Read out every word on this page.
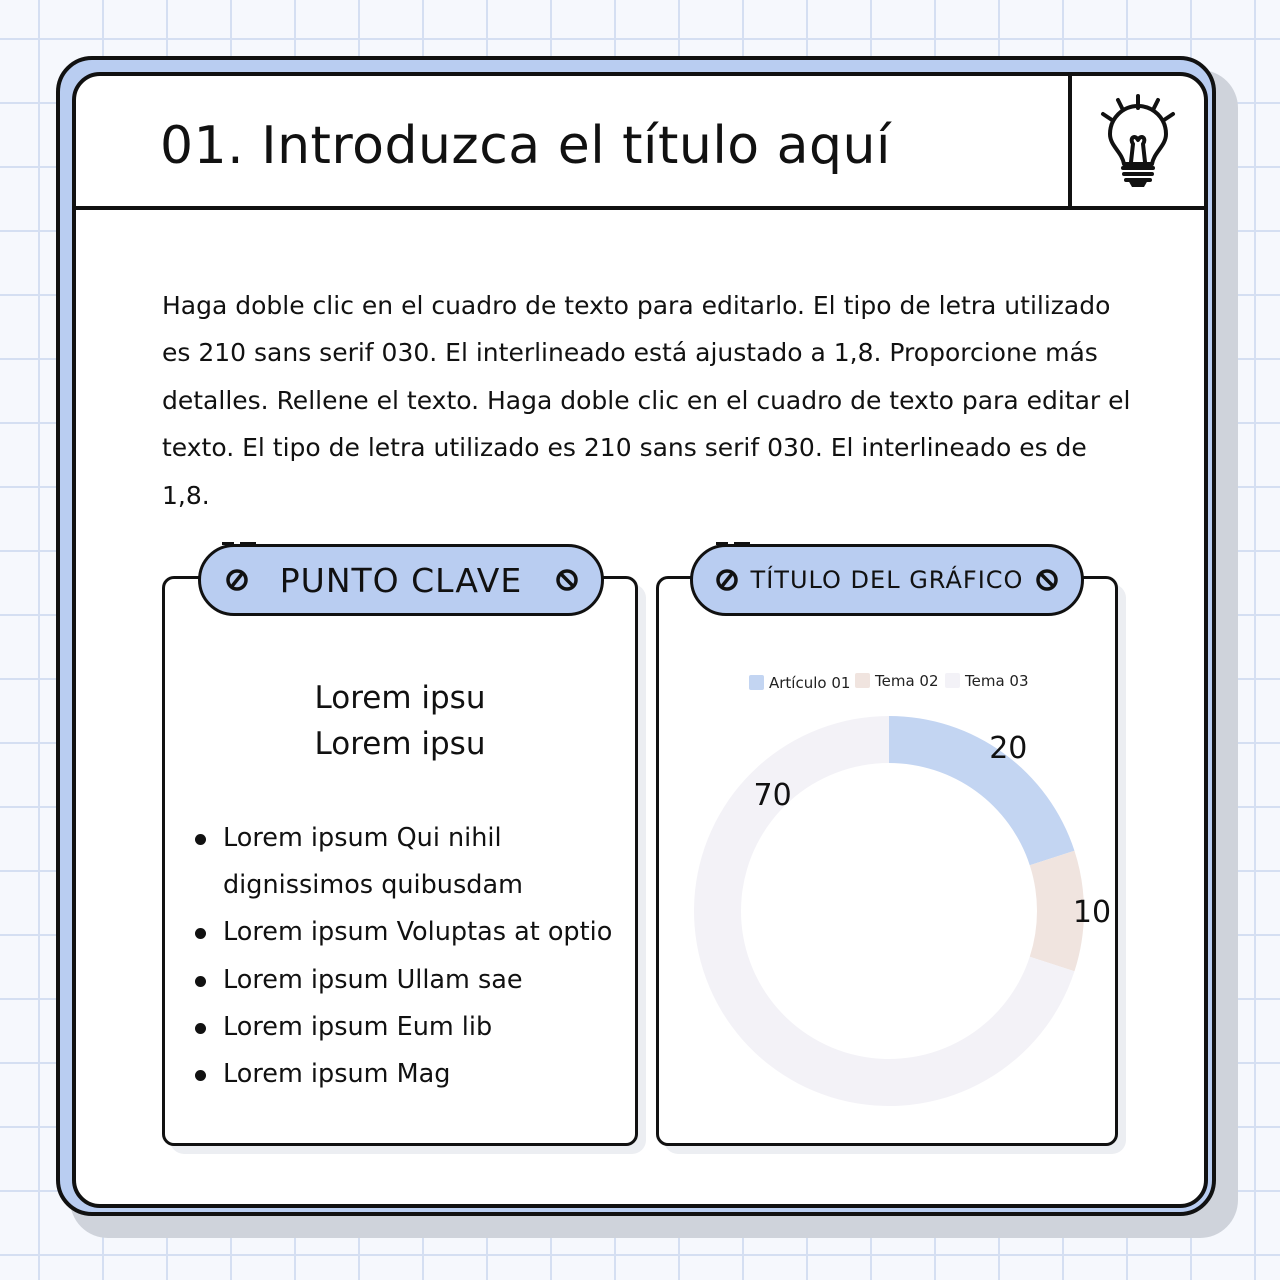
01. Introduzca el título aquí

Haga doble clic en el cuadro de texto para editarlo. El tipo de letra utilizado es 210 sans serif 030. El interlineado está ajustado a 1,8. Proporcione más detalles. Rellene el texto. Haga doble clic en el cuadro de texto para editar el texto. El tipo de letra utilizado es 210 sans serif 030. El interlineado es de 1,8.

Lorem ipsu
Lorem ipsu
Lorem ipsum Qui nihil dignissimos quibusdam
Lorem ipsum Voluptas at optio
Lorem ipsum Ullam sae
Lorem ipsum Eum lib
Lorem ipsum Mag
PUNTO CLAVE
20
10
70
Artículo 01 Tema 02 Tema 03
TÍTULO DEL GRÁFICO
